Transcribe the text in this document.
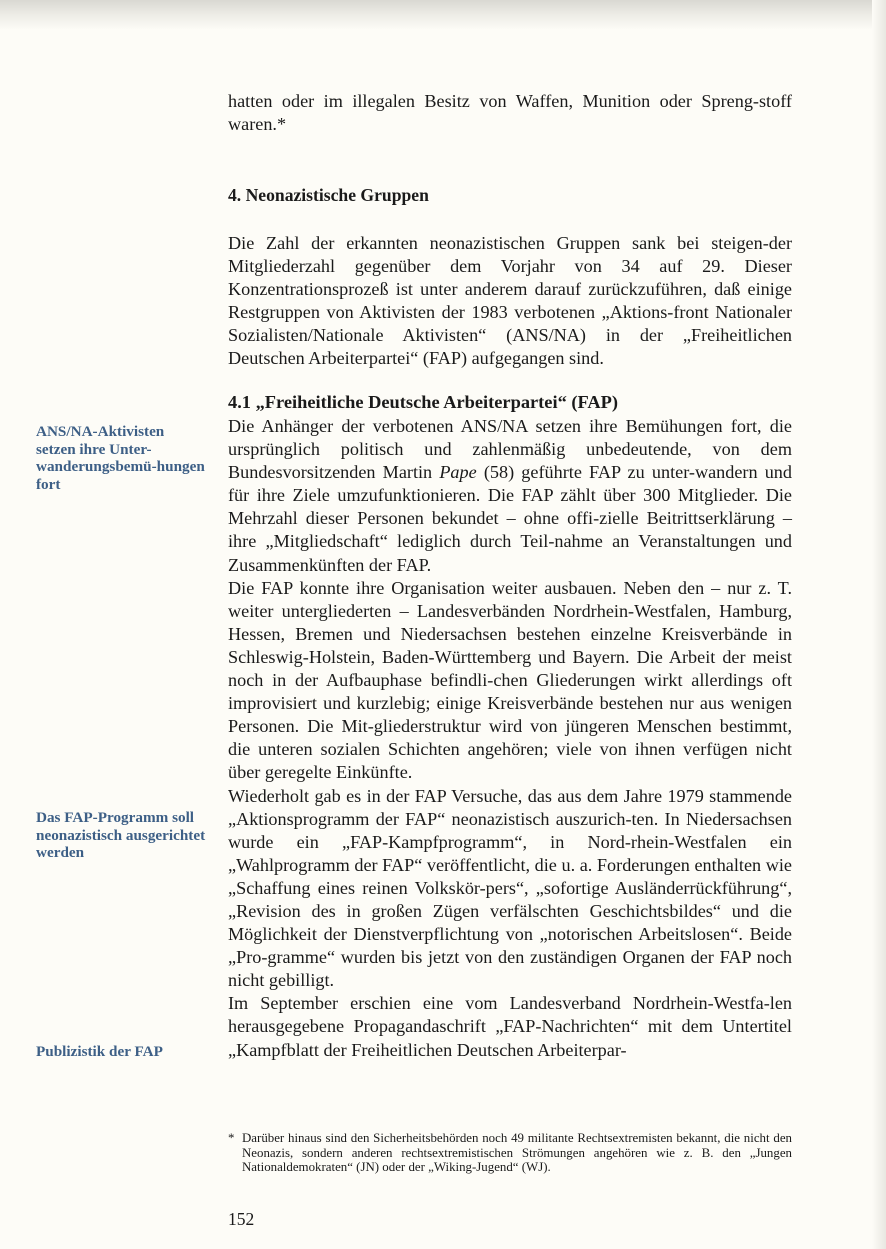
hatten oder im illegalen Besitz von Waffen, Munition oder Spreng-stoff waren.*

4. Neonazistische Gruppen

Die Zahl der erkannten neonazistischen Gruppen sank bei steigen-der Mitgliederzahl gegenüber dem Vorjahr von 34 auf 29. Dieser Konzentrationsprozeß ist unter anderem darauf zurückzuführen, daß einige Restgruppen von Aktivisten der 1983 verbotenen „Aktions-front Nationaler Sozialisten/Nationale Aktivisten“ (ANS/NA) in der „Freiheitlichen Deutschen Arbeiterpartei“ (FAP) aufgegangen sind.

4.1 „Freiheitliche Deutsche Arbeiterpartei“ (FAP)

Die Anhänger der verbotenen ANS/NA setzen ihre Bemühungen fort, die ursprünglich politisch und zahlenmäßig unbedeutende, von dem Bundesvorsitzenden Martin Pape (58) geführte FAP zu unter-wandern und für ihre Ziele umzufunktionieren. Die FAP zählt über 300 Mitglieder. Die Mehrzahl dieser Personen bekundet – ohne offi-zielle Beitrittserklärung – ihre „Mitgliedschaft“ lediglich durch Teil-nahme an Veranstaltungen und Zusammenkünften der FAP.

Die FAP konnte ihre Organisation weiter ausbauen. Neben den – nur z. T. weiter untergliederten – Landesverbänden Nordrhein-Westfalen, Hamburg, Hessen, Bremen und Niedersachsen bestehen einzelne Kreisverbände in Schleswig-Holstein, Baden-Württemberg und Bayern. Die Arbeit der meist noch in der Aufbauphase befindli-chen Gliederungen wirkt allerdings oft improvisiert und kurzlebig; einige Kreisverbände bestehen nur aus wenigen Personen. Die Mit-gliederstruktur wird von jüngeren Menschen bestimmt, die unteren sozialen Schichten angehören; viele von ihnen verfügen nicht über geregelte Einkünfte.

Wiederholt gab es in der FAP Versuche, das aus dem Jahre 1979 stammende „Aktionsprogramm der FAP“ neonazistisch auszurich-ten. In Niedersachsen wurde ein „FAP-Kampfprogramm“, in Nord-rhein-Westfalen ein „Wahlprogramm der FAP“ veröffentlicht, die u. a. Forderungen enthalten wie „Schaffung eines reinen Volkskör-pers“, „sofortige Ausländerrückführung“, „Revision des in großen Zügen verfälschten Geschichtsbildes“ und die Möglichkeit der Dienstverpflichtung von „notorischen Arbeitslosen“. Beide „Pro-gramme“ wurden bis jetzt von den zuständigen Organen der FAP noch nicht gebilligt.

Im September erschien eine vom Landesverband Nordrhein-Westfa-len herausgegebene Propagandaschrift „FAP-Nachrichten“ mit dem Untertitel „Kampfblatt der Freiheitlichen Deutschen Arbeiterpar-

ANS/NA-Aktivisten setzen ihre Unter-wanderungsbemü-hungen fort
Das FAP-Programm soll neonazistisch ausgerichtet werden
Publizistik der FAP
* Darüber hinaus sind den Sicherheitsbehörden noch 49 militante Rechtsextremisten bekannt, die nicht den Neonazis, sondern anderen rechtsextremistischen Strömungen angehören wie z. B. den „Jungen Nationaldemokraten“ (JN) oder der „Wiking-Jugend“ (WJ).
152
